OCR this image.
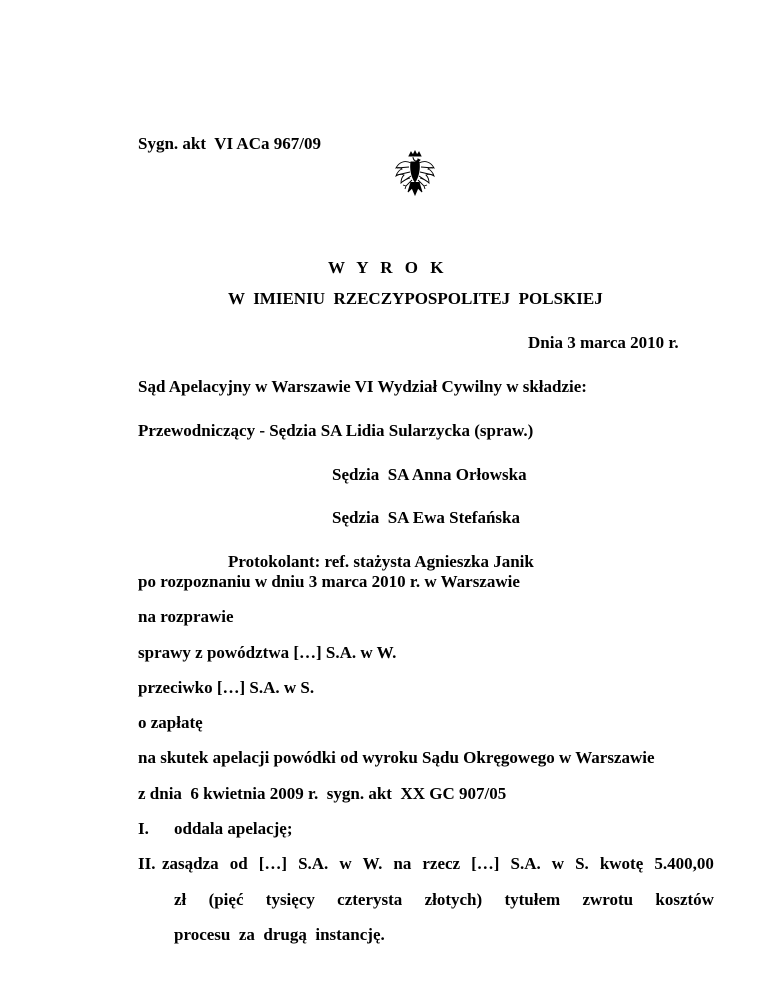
Sygn. akt  VI ACa 967/09
W Y R O K
W  IMIENIU  RZECZYPOSPOLITEJ  POLSKIEJ
Dnia 3 marca 2010 r.
Sąd Apelacyjny w Warszawie VI Wydział Cywilny w składzie:
Przewodniczący - Sędzia SA Lidia Sularzycka (spraw.)
Sędzia  SA Anna Orłowska
Sędzia  SA Ewa Stefańska
Protokolant: ref. stażysta Agnieszka Janik
po rozpoznaniu w dniu 3 marca 2010 r. w Warszawie
na rozprawie
sprawy z powództwa […] S.A. w W.
przeciwko […] S.A. w S.
o zapłatę
na skutek apelacji powódki od wyroku Sądu Okręgowego w Warszawie
z dnia  6 kwietnia 2009 r.  sygn. akt  XX GC 907/05
I. oddala apelację;
II. zasądza od […] S.A. w W. na rzecz […] S.A. w S. kwotę 5.400,00
zł (pięć tysięcy czterysta złotych) tytułem zwrotu kosztów
procesu  za  drugą  instancję.
